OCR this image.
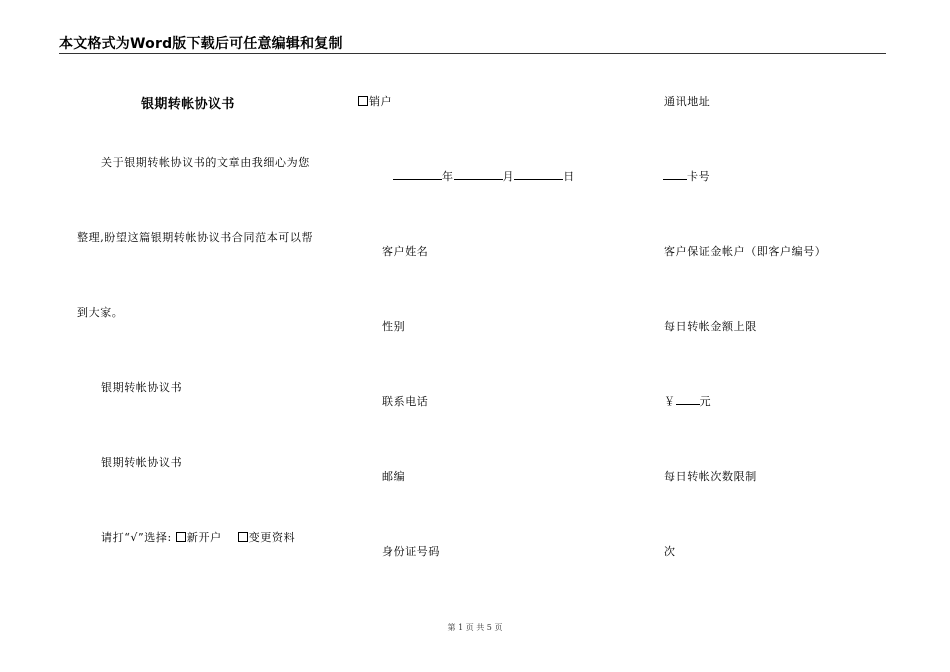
本文格式为Word版下载后可任意编辑和复制
银期转帐协议书
关于银期转帐协议书的文章由我细心为您
整理,盼望这篇银期转帐协议书合同范本可以帮
到大家。
银期转帐协议书
银期转帐协议书
请打“√”选择: 新开户 变更资料
销户
年	月	日
客户姓名
性别
联系电话
邮编
身份证号码
通讯地址
卡号
客户保证金帐户（即客户编号）
每日转帐金额上限
￥ 元
每日转帐次数限制
次
第 1 页 共 5 页
